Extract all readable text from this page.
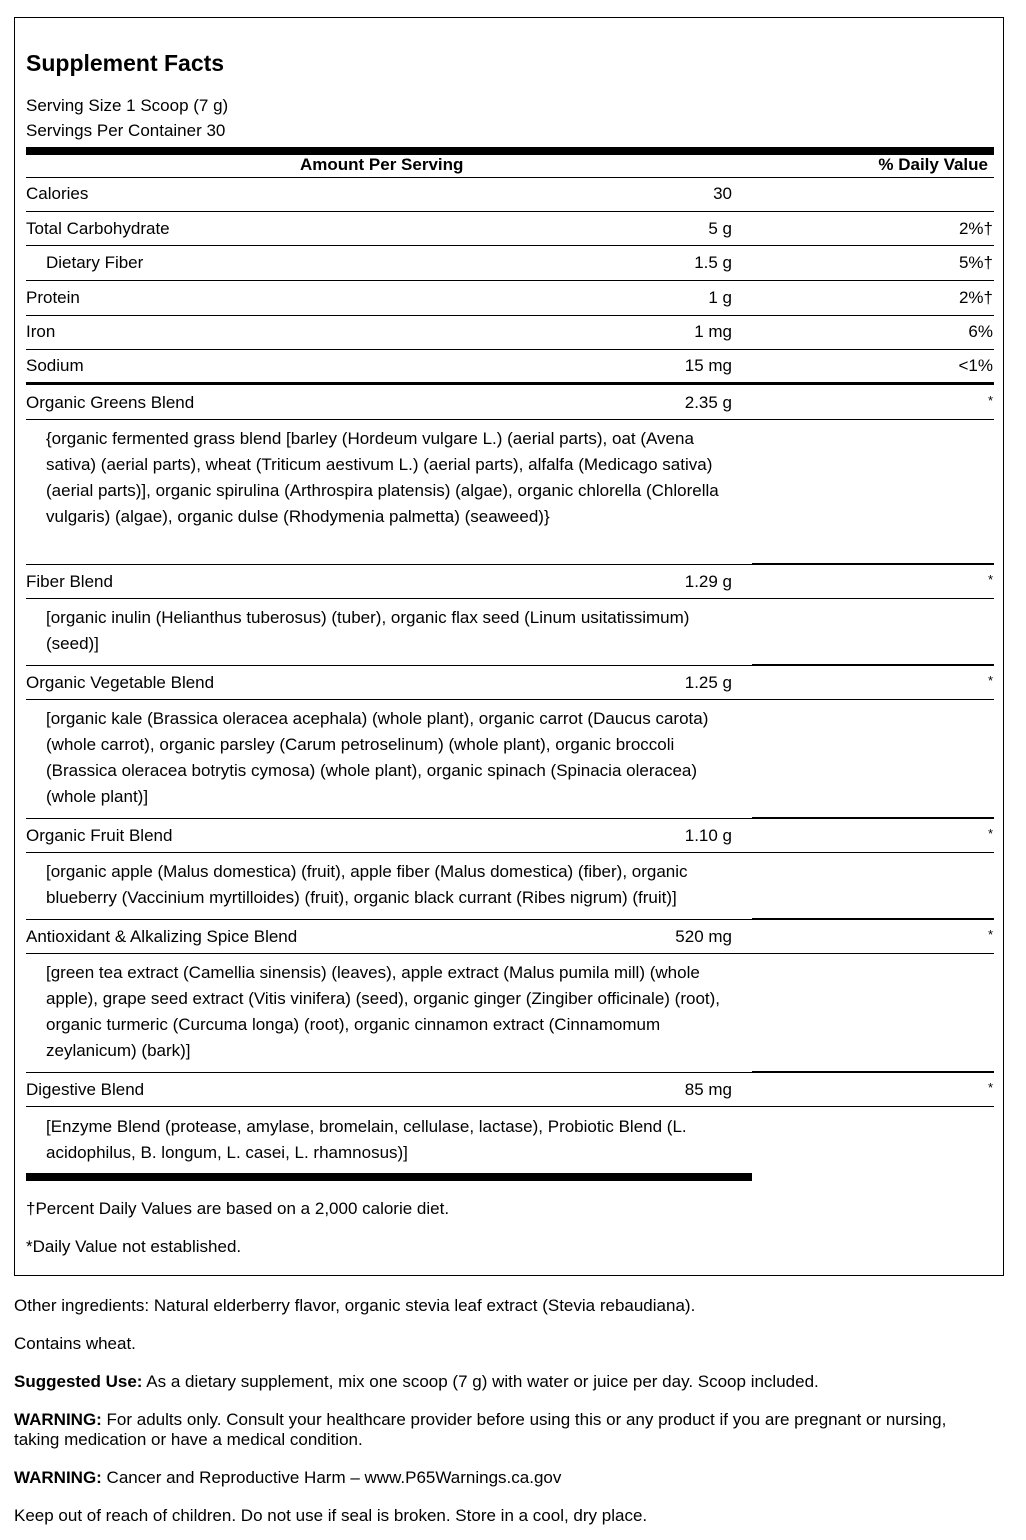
Supplement Facts
Serving Size 1 Scoop (7 g)
Servings Per Container 30
Amount Per Serving	% Daily Value
Calories	30
Total Carbohydrate	5 g	2%†
Dietary Fiber	1.5 g	5%†
Protein	1 g	2%†
Iron	1 mg	6%
Sodium	15 mg	<1%
Organic Greens Blend	2.35 g	*
{organic fermented grass blend [barley (Hordeum vulgare L.) (aerial parts), oat (Avena sativa) (aerial parts), wheat (Triticum aestivum L.) (aerial parts), alfalfa (Medicago sativa) (aerial parts)], organic spirulina (Arthrospira platensis) (algae), organic chlorella (Chlorella vulgaris) (algae), organic dulse (Rhodymenia palmetta) (seaweed)}
Fiber Blend	1.29 g	*
[organic inulin (Helianthus tuberosus) (tuber), organic flax seed (Linum usitatissimum) (seed)]
Organic Vegetable Blend	1.25 g	*
[organic kale (Brassica oleracea acephala) (whole plant), organic carrot (Daucus carota) (whole carrot), organic parsley (Carum petroselinum) (whole plant), organic broccoli (Brassica oleracea botrytis cymosa) (whole plant), organic spinach (Spinacia oleracea) (whole plant)]
Organic Fruit Blend	1.10 g	*
[organic apple (Malus domestica) (fruit), apple fiber (Malus domestica) (fiber), organic blueberry (Vaccinium myrtilloides) (fruit), organic black currant (Ribes nigrum) (fruit)]
Antioxidant & Alkalizing Spice Blend	520 mg	*
[green tea extract (Camellia sinensis) (leaves), apple extract (Malus pumila mill) (whole apple), grape seed extract (Vitis vinifera) (seed), organic ginger (Zingiber officinale) (root), organic turmeric (Curcuma longa) (root), organic cinnamon extract (Cinnamomum zeylanicum) (bark)]
Digestive Blend	85 mg	*
[Enzyme Blend (protease, amylase, bromelain, cellulase, lactase), Probiotic Blend (L. acidophilus, B. longum, L. casei, L. rhamnosus)]
†Percent Daily Values are based on a 2,000 calorie diet.
*Daily Value not established.
Other ingredients: Natural elderberry flavor, organic stevia leaf extract (Stevia rebaudiana).
Contains wheat.
Suggested Use: As a dietary supplement, mix one scoop (7 g) with water or juice per day. Scoop included.
WARNING: For adults only. Consult your healthcare provider before using this or any product if you are pregnant or nursing,
taking medication or have a medical condition.
WARNING: Cancer and Reproductive Harm – www.P65Warnings.ca.gov
Keep out of reach of children. Do not use if seal is broken. Store in a cool, dry place.
